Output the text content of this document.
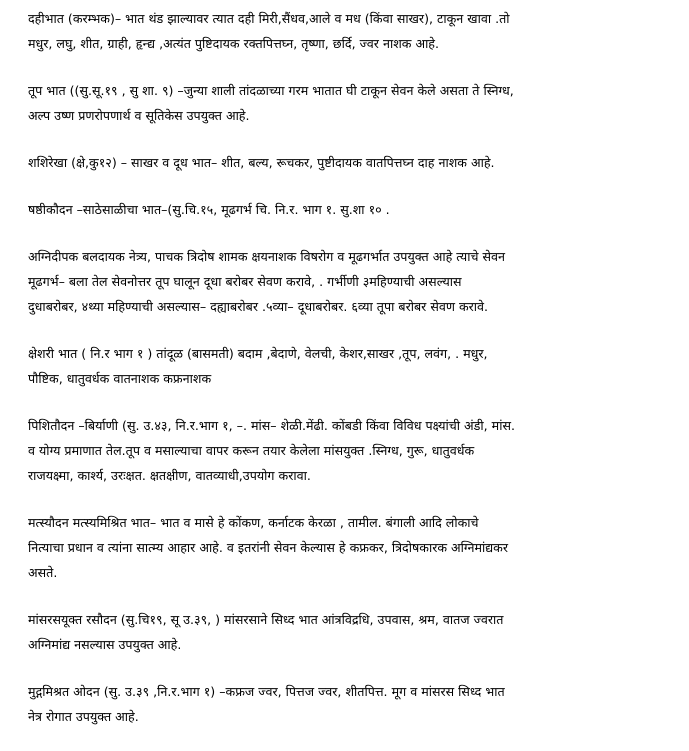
दहीभात (करम्भक)– भात थंड झाल्यावर त्यात दही मिरी,सैंधव,आले व मध (किंवा साखर), टाकून खावा .तो
मधुर, लघु, शीत, ग्राही, हृन्द्य ,अत्यंत पुष्टिदायक रक्तपित्तघ्न, तृष्णा, छर्दि, ज्वर नाशक आहे.

तूप भात ((सु.सू.१९ , सु शा. ९) –जुन्या शाली तांदळाच्या गरम भातात घी टाकून सेवन केले असता ते स्निग्ध,
अल्प उष्ण प्रणरोपणार्थ व सूतिकेस उपयुक्त आहे.

शशिरेखा (क्षे,कु१२) – साखर व दूध भात– शीत, बल्य, रूचकर, पुष्टीदायक वातपित्तघ्न दाह नाशक आहे.

षष्ठीकौदन –साठेसाळीचा भात–(सु.चि.१५, मूढगर्भ चि. नि.र. भाग १. सु.शा १० .

अग्निदीपक बलदायक नेत्र्य, पाचक त्रिदोष शामक क्षयनाशक विषरोग व मूढगर्भात उपयुक्त आहे त्याचे सेवन
मूढगर्भ– बला तेल सेवनोत्तर तूप घालून दूधा बरोबर सेवण करावे, . गर्भीणी ३महिण्याची असल्यास
दुधाबरोबर, ४थ्या महिण्याची असल्यास– दह्याबरोबर .५व्या– दूधाबरोबर. ६व्या तूपा बरोबर सेवण करावे.

क्षेशरी भात ( नि.र भाग १ ) तांदूळ (बासमती) बदाम ,बेदाणे, वेलची, केशर,साखर ,तूप, लवंग, . मधुर,
पौष्टिक, धातुवर्धक वातनाशक कफ्रनाशक

पिशितौदन –बिर्याणी (सु. उ.४३, नि.र.भाग १, –. मांस– शेळी.मेंढी. कोंबडी किंवा विविध पक्ष्यांची अंडी, मांस.
व योग्य प्रमाणात तेल.तूप व मसाल्याचा वापर करून तयार केलेला मांसयुक्त .स्निग्ध, गुरू, धातुवर्धक
राजयक्ष्मा, कार्श्य, उरःक्षत. क्षतक्षीण, वातव्याधी,उपयोग करावा.

मत्स्यौदन मत्स्यमिश्रित भात– भात व मासे हे कोंकण, कर्नाटक केरळा , तामील. बंगाली आदि लोकाचे
नित्याचा प्रधान व त्यांना सात्म्य आहार आहे. व इतरांनी सेवन केल्यास हे कफ्रकर, त्रिदोषकारक अग्निमांद्यकर
असते.

मांसरसयूक्त रसौदन (सु.चि१९, सू उ.३९, ) मांसरसाने सिध्द भात आंत्रविद्रधि, उपवास, श्रम, वातज ज्वरात
अग्निमांद्य नसल्यास उपयुक्त आहे.

मुद्गमिश्रत ओदन (सु. उ.३९ ,नि.र.भाग १) –कफ्रज ज्वर, पित्तज ज्वर, शीतपित्त. मूग व मांसरस सिध्द भात
नेत्र रोगात उपयुक्त आहे.
